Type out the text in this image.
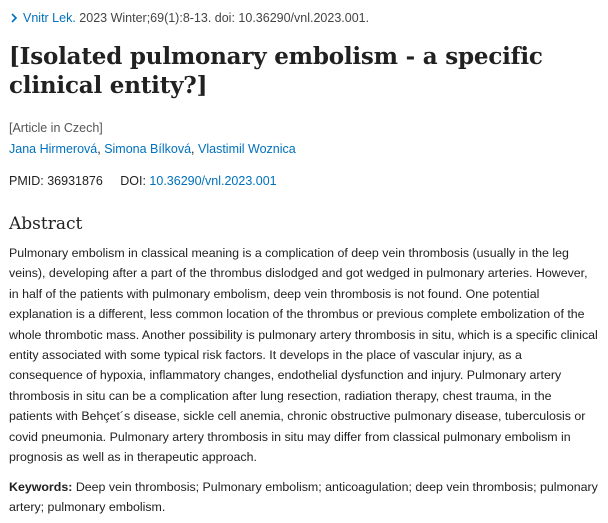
Vnitr Lek.
2023 Winter;69(1):8-13. doi: 10.36290/vnl.2023.001.
[Isolated pulmonary embolism - a specific clinical entity?]
[Article in Czech]
Jana Hirmerová, Simona Bílková, Vlastimil Woznica
PMID: 36931876 DOI: 10.36290/vnl.2023.001
Abstract
Pulmonary embolism in classical meaning is a complication of deep vein thrombosis (usually in the leg veins), developing after a part of the thrombus dislodged and got wedged in pulmonary arteries. However, in half of the patients with pulmonary embolism, deep vein thrombosis is not found. One potential explanation is a different, less common location of the thrombus or previous complete embolization of the whole thrombotic mass. Another possibility is pulmonary artery thrombosis in situ, which is a specific clinical entity associated with some typical risk factors. It develops in the place of vascular injury, as a consequence of hypoxia, inflammatory changes, endothelial dysfunction and injury. Pulmonary artery thrombosis in situ can be a complication after lung resection, radiation therapy, chest trauma, in the patients with Behçet´s disease, sickle cell anemia, chronic obstructive pulmonary disease, tuberculosis or covid pneumonia. Pulmonary artery thrombosis in situ may differ from classical pulmonary embolism in prognosis as well as in therapeutic approach.
Keywords: Deep vein thrombosis; Pulmonary embolism; anticoagulation; deep vein thrombosis; pulmonary artery; pulmonary embolism.
